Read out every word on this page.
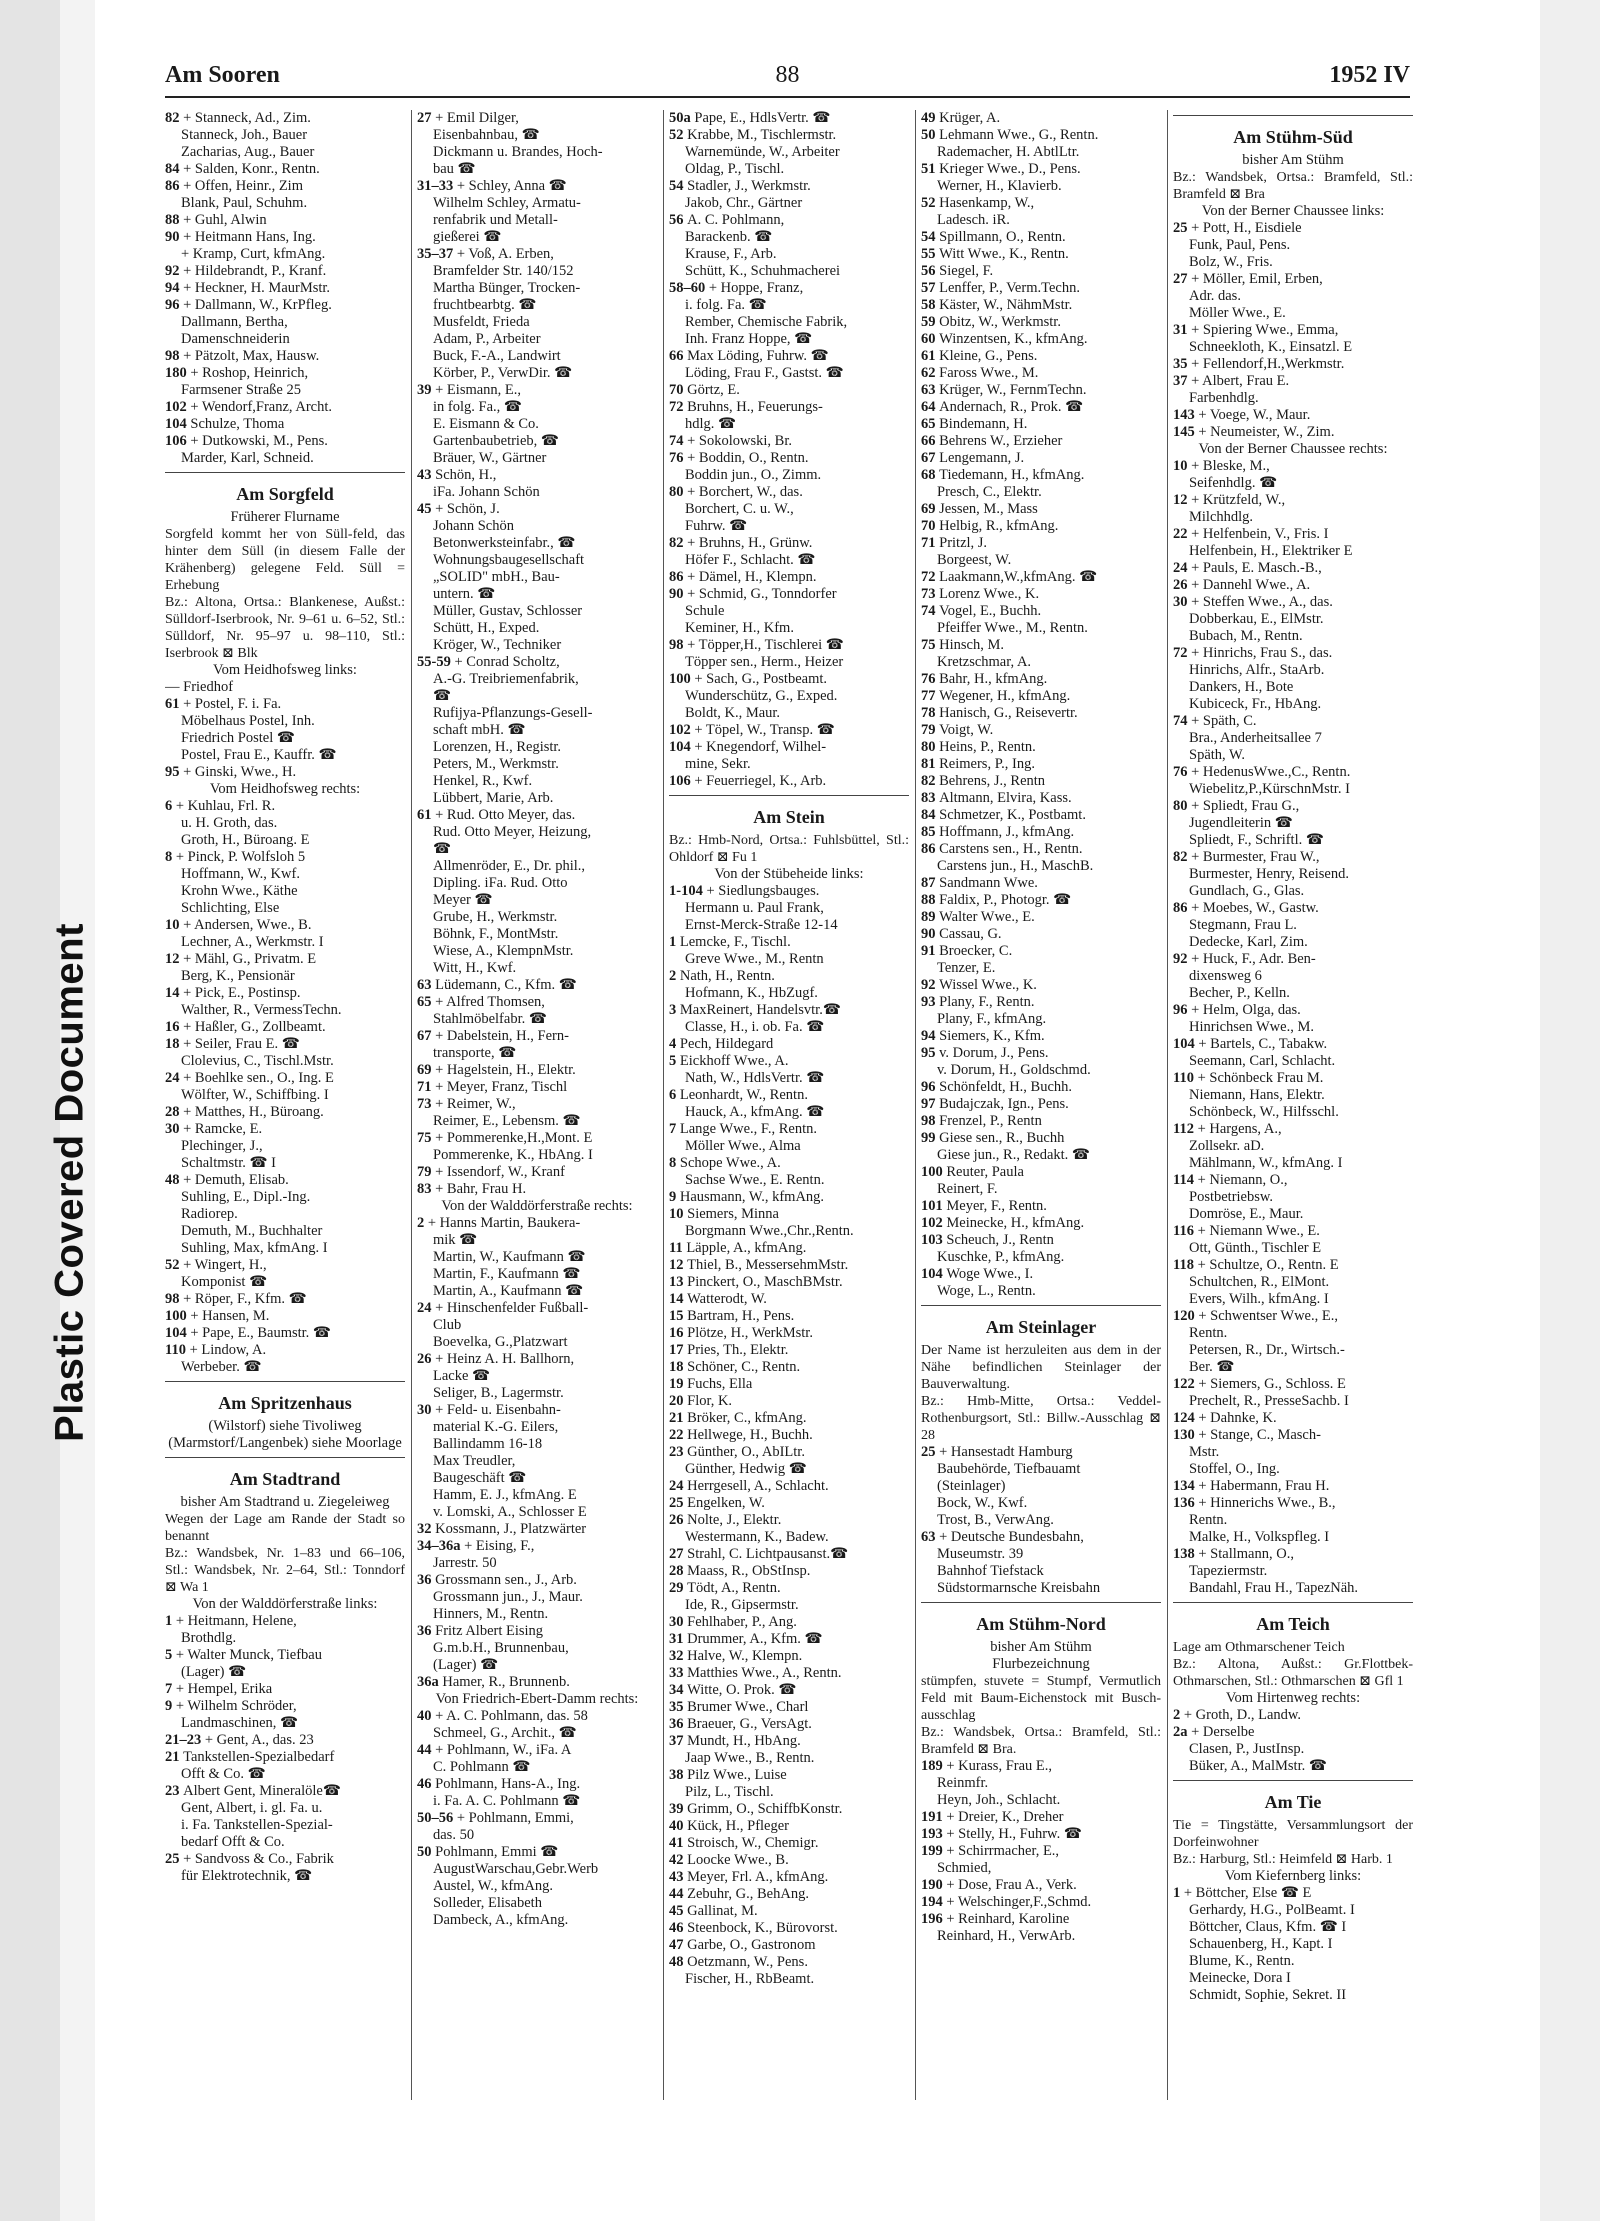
Plastic Covered Document
Am Sooren	88	1952 IV
82 + Stanneck, Ad., Zim.
Stanneck, Joh., Bauer
Zacharias, Aug., Bauer
84 + Salden, Konr., Rentn.
86 + Offen, Heinr., Zim
Blank, Paul, Schuhm.
88 + Guhl, Alwin
90 + Heitmann Hans, Ing.
+ Kramp, Curt, kfmAng.
92 + Hildebrandt, P., Kranf.
94 + Heckner, H. MaurMstr.
96 + Dallmann, W., KrPfleg.
Dallmann, Bertha,
Damenschneiderin
98 + Pätzolt, Max, Hausw.
180 + Roshop, Heinrich,
Farmsener Straße 25
102 + Wendorf,Franz, Archt.
104 Schulze, Thoma
106 + Dutkowski, M., Pens.
Marder, Karl, Schneid.
Am Sorgfeld
Früherer Flurname
Sorgfeld kommt her von Süll-feld, das hinter dem Süll (in diesem Falle der Krähenberg) gelegene Feld. Süll = Erhebung
Bz.: Altona, Ortsa.: Blankenese, Außst.: Sülldorf-Iserbrook, Nr. 9–61 u. 6–52, Stl.: Sülldorf, Nr. 95–97 u. 98–110, Stl.: Iserbrook ⊠ Blk
Vom Heidhofsweg links:
— Friedhof
61 + Postel, F. i. Fa.
Möbelhaus Postel, Inh.
Friedrich Postel ☎
Postel, Frau E., Kauffr. ☎
95 + Ginski, Wwe., H.
Vom Heidhofsweg rechts:
6 + Kuhlau, Frl. R.
u. H. Groth, das.
Groth, H., Büroang. E
8 + Pinck, P. Wolfsloh 5
Hoffmann, W., Kwf.
Krohn Wwe., Käthe
Schlichting, Else
10 + Andersen, Wwe., B.
Lechner, A., Werkmstr. I
12 + Mähl, G., Privatm. E
Berg, K., Pensionär
14 + Pick, E., Postinsp.
Walther, R., VermessTechn.
16 + Haßler, G., Zollbeamt.
18 + Seiler, Frau E. ☎
Clolevius, C., Tischl.Mstr.
24 + Boehlke sen., O., Ing. E
Wölfter, W., Schiffbing. I
28 + Matthes, H., Büroang.
30 + Ramcke, E.
Plechinger, J.,
Schaltmstr. ☎ I
48 + Demuth, Elisab.
Suhling, E., Dipl.-Ing.
Radiorep.
Demuth, M., Buchhalter
Suhling, Max, kfmAng. I
52 + Wingert, H.,
Komponist ☎
98 + Röper, F., Kfm. ☎
100 + Hansen, M.
104 + Pape, E., Baumstr. ☎
110 + Lindow, A.
Werbeber. ☎
Am Spritzenhaus
(Wilstorf) siehe Tivoliweg (Marmstorf/Langenbek) siehe Moorlage
Am Stadtrand
bisher Am Stadtrand u. Ziegeleiweg
Wegen der Lage am Rande der Stadt so benannt
Bz.: Wandsbek, Nr. 1–83 und 66–106, Stl.: Wandsbek, Nr. 2–64, Stl.: Tonndorf ⊠ Wa 1
Von der Walddörferstraße links:
1 + Heitmann, Helene,
Brothdlg.
5 + Walter Munck, Tiefbau
(Lager) ☎
7 + Hempel, Erika
9 + Wilhelm Schröder,
Landmaschinen, ☎
21–23 + Gent, A., das. 23
21 Tankstellen-Spezialbedarf
Offt & Co. ☎
23 Albert Gent, Mineralöle☎
Gent, Albert, i. gl. Fa. u.
i. Fa. Tankstellen-Spezial-
bedarf Offt & Co.
25 + Sandvoss & Co., Fabrik
für Elektrotechnik, ☎
27 + Emil Dilger,
Eisenbahnbau, ☎
Dickmann u. Brandes, Hoch-
bau ☎
31–33 + Schley, Anna ☎
Wilhelm Schley, Armatu-
renfabrik und Metall-
gießerei ☎
35–37 + Voß, A. Erben,
Bramfelder Str. 140/152
Martha Bünger, Trocken-
fruchtbearbtg. ☎
Musfeldt, Frieda
Adam, P., Arbeiter
Buck, F.-A., Landwirt
Körber, P., VerwDir. ☎
39 + Eismann, E.,
in folg. Fa., ☎
E. Eismann & Co.
Gartenbaubetrieb, ☎
Bräuer, W., Gärtner
43 Schön, H.,
iFa. Johann Schön
45 + Schön, J.
Johann Schön
Betonwerksteinfabr., ☎
Wohnungsbaugesellschaft
„SOLID" mbH., Bau-
untern. ☎
Müller, Gustav, Schlosser
Schütt, H., Exped.
Kröger, W., Techniker
55-59 + Conrad Scholtz,
A.-G. Treibriemenfabrik,
☎
Rufijya-Pflanzungs-Gesell-
schaft mbH. ☎
Lorenzen, H., Registr.
Peters, M., Werkmstr.
Henkel, R., Kwf.
Lübbert, Marie, Arb.
61 + Rud. Otto Meyer, das.
Rud. Otto Meyer, Heizung,
☎
Allmenröder, E., Dr. phil.,
Dipling. iFa. Rud. Otto
Meyer ☎
Grube, H., Werkmstr.
Böhnk, F., MontMstr.
Wiese, A., KlempnMstr.
Witt, H., Kwf.
63 Lüdemann, C., Kfm. ☎
65 + Alfred Thomsen,
Stahlmöbelfabr. ☎
67 + Dabelstein, H., Fern-
transporte, ☎
69 + Hagelstein, H., Elektr.
71 + Meyer, Franz, Tischl
73 + Reimer, W.,
Reimer, E., Lebensm. ☎
75 + Pommerenke,H.,Mont. E
Pommerenke, K., HbAng. I
79 + Issendorf, W., Kranf
83 + Bahr, Frau H.
Von der Walddörferstraße rechts:
2 + Hanns Martin, Baukera-
mik ☎
Martin, W., Kaufmann ☎
Martin, F., Kaufmann ☎
Martin, A., Kaufmann ☎
24 + Hinschenfelder Fußball-
Club
Boevelka, G.,Platzwart
26 + Heinz A. H. Ballhorn,
Lacke ☎
Seliger, B., Lagermstr.
30 + Feld- u. Eisenbahn-
material K.-G. Eilers,
Ballindamm 16-18
Max Treudler,
Baugeschäft ☎
Hamm, E. J., kfmAng. E
v. Lomski, A., Schlosser E
32 Kossmann, J., Platzwärter
34–36a + Eising, F.,
Jarrestr. 50
36 Grossmann sen., J., Arb.
Grossmann jun., J., Maur.
Hinners, M., Rentn.
36 Fritz Albert Eising
G.m.b.H., Brunnenbau,
(Lager) ☎
36a Hamer, R., Brunnenb.
Von Friedrich-Ebert-Damm rechts:
40 + A. C. Pohlmann, das. 58
Schmeel, G., Archit., ☎
44 + Pohlmann, W., iFa. A
C. Pohlmann ☎
46 Pohlmann, Hans-A., Ing.
i. Fa. A. C. Pohlmann ☎
50–56 + Pohlmann, Emmi,
das. 50
50 Pohlmann, Emmi ☎
AugustWarschau,Gebr.Werb
Austel, W., kfmAng.
Solleder, Elisabeth
Dambeck, A., kfmAng.
50a Pape, E., HdlsVertr. ☎
52 Krabbe, M., Tischlermstr.
Warnemünde, W., Arbeiter
Oldag, P., Tischl.
54 Stadler, J., Werkmstr.
Jakob, Chr., Gärtner
56 A. C. Pohlmann,
Barackenb. ☎
Krause, F., Arb.
Schütt, K., Schuhmacherei
58–60 + Hoppe, Franz,
i. folg. Fa. ☎
Rember, Chemische Fabrik,
Inh. Franz Hoppe, ☎
66 Max Löding, Fuhrw. ☎
Löding, Frau F., Gastst. ☎
70 Görtz, E.
72 Bruhns, H., Feuerungs-
hdlg. ☎
74 + Sokolowski, Br.
76 + Boddin, O., Rentn.
Boddin jun., O., Zimm.
80 + Borchert, W., das.
Borchert, C. u. W.,
Fuhrw. ☎
82 + Bruhns, H., Grünw.
Höfer F., Schlacht. ☎
86 + Dämel, H., Klempn.
90 + Schmid, G., Tonndorfer
Schule
Keminer, H., Kfm.
98 + Töpper,H., Tischlerei ☎
Töpper sen., Herm., Heizer
100 + Sach, G., Postbeamt.
Wunderschütz, G., Exped.
Boldt, K., Maur.
102 + Töpel, W., Transp. ☎
104 + Knegendorf, Wilhel-
mine, Sekr.
106 + Feuerriegel, K., Arb.
Am Stein
Bz.: Hmb-Nord, Ortsa.: Fuhlsbüttel, Stl.: Ohldorf ⊠ Fu 1
Von der Stübeheide links:
1-104 + Siedlungsbauges.
Hermann u. Paul Frank,
Ernst-Merck-Straße 12-14
1 Lemcke, F., Tischl.
Greve Wwe., M., Rentn
2 Nath, H., Rentn.
Hofmann, K., HbZugf.
3 MaxReinert, Handelsvtr.☎
Classe, H., i. ob. Fa. ☎
4 Pech, Hildegard
5 Eickhoff Wwe., A.
Nath, W., HdlsVertr. ☎
6 Leonhardt, W., Rentn.
Hauck, A., kfmAng. ☎
7 Lange Wwe., F., Rentn.
Möller Wwe., Alma
8 Schope Wwe., A.
Sachse Wwe., E. Rentn.
9 Hausmann, W., kfmAng.
10 Siemers, Minna
Borgmann Wwe.,Chr.,Rentn.
11 Läpple, A., kfmAng.
12 Thiel, B., MessersehmMstr.
13 Pinckert, O., MaschBMstr.
14 Watterodt, W.
15 Bartram, H., Pens.
16 Plötze, H., WerkMstr.
17 Pries, Th., Elektr.
18 Schöner, C., Rentn.
19 Fuchs, Ella
20 Flor, K.
21 Bröker, C., kfmAng.
22 Hellwege, H., Buchh.
23 Günther, O., AbILtr.
Günther, Hedwig ☎
24 Herrgesell, A., Schlacht.
25 Engelken, W.
26 Nolte, J., Elektr.
Westermann, K., Badew.
27 Strahl, C. Lichtpausanst.☎
28 Maass, R., ObStInsp.
29 Tödt, A., Rentn.
Ide, R., Gipsermstr.
30 Fehlhaber, P., Ang.
31 Drummer, A., Kfm. ☎
32 Halve, W., Klempn.
33 Matthies Wwe., A., Rentn.
34 Witte, O. Prok. ☎
35 Brumer Wwe., Charl
36 Braeuer, G., VersAgt.
37 Mundt, H., HbAng.
Jaap Wwe., B., Rentn.
38 Pilz Wwe., Luise
Pilz, L., Tischl.
39 Grimm, O., SchiffbKonstr.
40 Kück, H., Pfleger
41 Stroisch, W., Chemigr.
42 Loocke Wwe., B.
43 Meyer, Frl. A., kfmAng.
44 Zebuhr, G., BehAng.
45 Gallinat, M.
46 Steenbock, K., Bürovorst.
47 Garbe, O., Gastronom
48 Oetzmann, W., Pens.
Fischer, H., RbBeamt.
49 Krüger, A.
50 Lehmann Wwe., G., Rentn.
Rademacher, H. AbtlLtr.
51 Krieger Wwe., D., Pens.
Werner, H., Klavierb.
52 Hasenkamp, W.,
Ladesch. iR.
54 Spillmann, O., Rentn.
55 Witt Wwe., K., Rentn.
56 Siegel, F.
57 Lenffer, P., Verm.Techn.
58 Käster, W., NähmMstr.
59 Obitz, W., Werkmstr.
60 Winzentsen, K., kfmAng.
61 Kleine, G., Pens.
62 Faross Wwe., M.
63 Krüger, W., FernmTechn.
64 Andernach, R., Prok. ☎
65 Bindemann, H.
66 Behrens W., Erzieher
67 Lengemann, J.
68 Tiedemann, H., kfmAng.
Presch, C., Elektr.
69 Jessen, M., Mass
70 Helbig, R., kfmAng.
71 Pritzl, J.
Borgeest, W.
72 Laakmann,W.,kfmAng. ☎
73 Lorenz Wwe., K.
74 Vogel, E., Buchh.
Pfeiffer Wwe., M., Rentn.
75 Hinsch, M.
Kretzschmar, A.
76 Bahr, H., kfmAng.
77 Wegener, H., kfmAng.
78 Hanisch, G., Reisevertr.
79 Voigt, W.
80 Heins, P., Rentn.
81 Reimers, P., Ing.
82 Behrens, J., Rentn
83 Altmann, Elvira, Kass.
84 Schmetzer, K., Postbamt.
85 Hoffmann, J., kfmAng.
86 Carstens sen., H., Rentn.
Carstens jun., H., MaschB.
87 Sandmann Wwe.
88 Faldix, P., Photogr. ☎
89 Walter Wwe., E.
90 Cassau, G.
91 Broecker, C.
Tenzer, E.
92 Wissel Wwe., K.
93 Plany, F., Rentn.
Plany, F., kfmAng.
94 Siemers, K., Kfm.
95 v. Dorum, J., Pens.
v. Dorum, H., Goldschmd.
96 Schönfeldt, H., Buchh.
97 Budajczak, Ign., Pens.
98 Frenzel, P., Rentn
99 Giese sen., R., Buchh
Giese jun., R., Redakt. ☎
100 Reuter, Paula
Reinert, F.
101 Meyer, F., Rentn.
102 Meinecke, H., kfmAng.
103 Scheuch, J., Rentn
Kuschke, P., kfmAng.
104 Woge Wwe., I.
Woge, L., Rentn.
Am Steinlager
Der Name ist herzuleiten aus dem in der Nähe befindlichen Steinlager der Bauverwaltung.
Bz.: Hmb-Mitte, Ortsa.: Veddel-Rothenburgsort, Stl.: Billw.-Ausschlag ⊠ 28
25 + Hansestadt Hamburg
Baubehörde, Tiefbauamt
(Steinlager)
Bock, W., Kwf.
Trost, B., VerwAng.
63 + Deutsche Bundesbahn,
Museumstr. 39
Bahnhof Tiefstack
Südstormarnsche Kreisbahn
Am Stühm-Nord
bisher Am Stühm
Flurbezeichnung
stümpfen, stuvete = Stumpf, Vermutlich Feld mit Baum-Eichenstock mit Busch-ausschlag
Bz.: Wandsbek, Ortsa.: Bramfeld, Stl.: Bramfeld ⊠ Bra.
189 + Kurass, Frau E.,
Reinmfr.
Heyn, Joh., Schlacht.
191 + Dreier, K., Dreher
193 + Stelly, H., Fuhrw. ☎
199 + Schirrmacher, E.,
Schmied,
190 + Dose, Frau A., Verk.
194 + Welschinger,F.,Schmd.
196 + Reinhard, Karoline
Reinhard, H., VerwArb.
Am Stühm-Süd
bisher Am Stühm
Bz.: Wandsbek, Ortsa.: Bramfeld, Stl.: Bramfeld ⊠ Bra
Von der Berner Chaussee links:
25 + Pott, H., Eisdiele
Funk, Paul, Pens.
Bolz, W., Fris.
27 + Möller, Emil, Erben,
Adr. das.
Möller Wwe., E.
31 + Spiering Wwe., Emma,
Schneekloth, K., Einsatzl. E
35 + Fellendorf,H.,Werkmstr.
37 + Albert, Frau E.
Farbenhdlg.
143 + Voege, W., Maur.
145 + Neumeister, W., Zim.
Von der Berner Chaussee rechts:
10 + Bleske, M.,
Seifenhdlg. ☎
12 + Krützfeld, W.,
Milchhdlg.
22 + Helfenbein, V., Fris. I
Helfenbein, H., Elektriker E
24 + Pauls, E. Masch.-B.,
26 + Dannehl Wwe., A.
30 + Steffen Wwe., A., das.
Dobberkau, E., ElMstr.
Bubach, M., Rentn.
72 + Hinrichs, Frau S., das.
Hinrichs, Alfr., StaArb.
Dankers, H., Bote
Kubiceck, Fr., HbAng.
74 + Späth, C.
Bra., Anderheitsallee 7
Späth, W.
76 + HedenusWwe.,C., Rentn.
Wiebelitz,P.,KürschnMstr. I
80 + Spliedt, Frau G.,
Jugendleiterin ☎
Spliedt, F., Schriftl. ☎
82 + Burmester, Frau W.,
Burmester, Henry, Reisend.
Gundlach, G., Glas.
86 + Moebes, W., Gastw.
Stegmann, Frau L.
Dedecke, Karl, Zim.
92 + Huck, F., Adr. Ben-
dixensweg 6
Becher, P., Kelln.
96 + Helm, Olga, das.
Hinrichsen Wwe., M.
104 + Bartels, C., Tabakw.
Seemann, Carl, Schlacht.
110 + Schönbeck Frau M.
Niemann, Hans, Elektr.
Schönbeck, W., Hilfsschl.
112 + Hargens, A.,
Zollsekr. aD.
Mählmann, W., kfmAng. I
114 + Niemann, O.,
Postbetriebsw.
Domröse, E., Maur.
116 + Niemann Wwe., E.
Ott, Günth., Tischler E
118 + Schultze, O., Rentn. E
Schultchen, R., ElMont.
Evers, Wilh., kfmAng. I
120 + Schwentser Wwe., E.,
Rentn.
Petersen, R., Dr., Wirtsch.-
Ber. ☎
122 + Siemers, G., Schloss. E
Prechelt, R., PresseSachb. I
124 + Dahnke, K.
130 + Stange, C., Masch-
Mstr.
Stoffel, O., Ing.
134 + Habermann, Frau H.
136 + Hinnerichs Wwe., B.,
Rentn.
Malke, H., Volkspfleg. I
138 + Stallmann, O.,
Tapeziermstr.
Bandahl, Frau H., TapezNäh.
Am Teich
Lage am Othmarschener Teich
Bz.: Altona, Außst.: Gr.Flottbek-Othmarschen, Stl.: Othmarschen ⊠ Gfl 1
Vom Hirtenweg rechts:
2 + Groth, D., Landw.
2a + Derselbe
Clasen, P., JustInsp.
Büker, A., MalMstr. ☎
Am Tie
Tie = Tingstätte, Versammlungsort der Dorfeinwohner
Bz.: Harburg, Stl.: Heimfeld ⊠ Harb. 1
Vom Kiefernberg links:
1 + Böttcher, Else ☎ E
Gerhardy, H.G., PolBeamt. I
Böttcher, Claus, Kfm. ☎ I
Schauenberg, H., Kapt. I
Blume, K., Rentn.
Meinecke, Dora I
Schmidt, Sophie, Sekret. II
